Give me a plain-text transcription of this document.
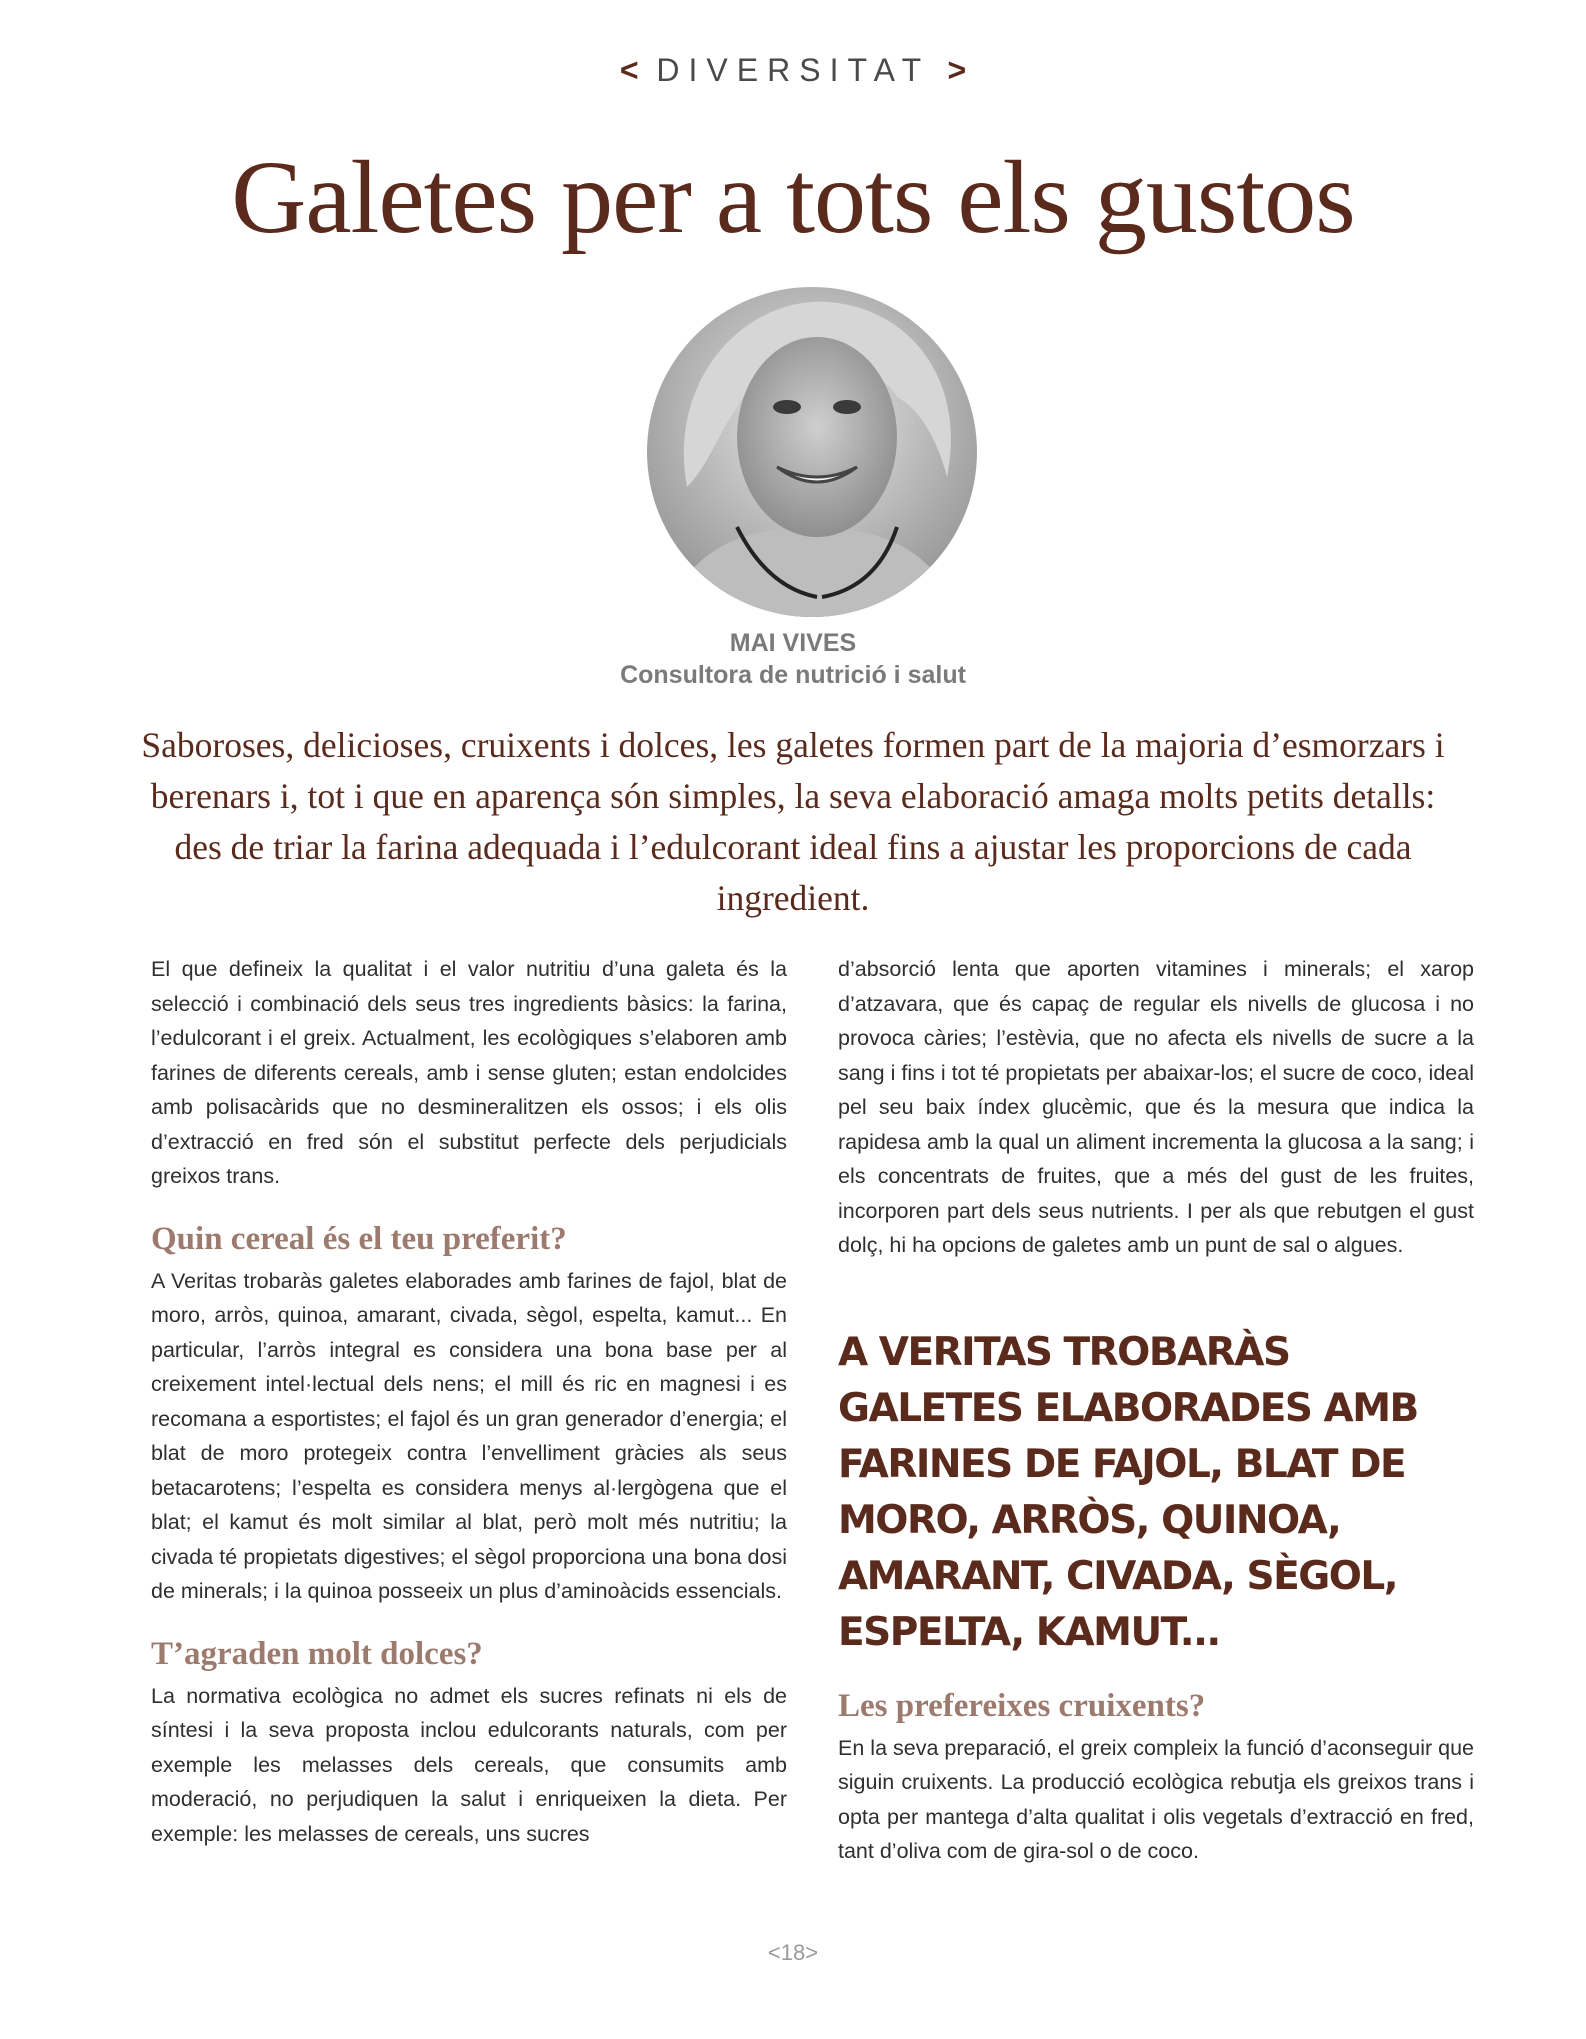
< DIVERSITAT >
Galetes per a tots els gustos
MAI VIVES
Consultora de nutrició i salut

Saboroses, delicioses, cruixents i dolces, les galetes formen part de la majoria d’esmorzars i berenars i, tot i que en aparença són simples, la seva elaboració amaga molts petits detalls: des de triar la farina adequada i l’edulcorant ideal fins a ajustar les proporcions de cada ingredient.

El que defineix la qualitat i el valor nutritiu d’una galeta és la selecció i combinació dels seus tres ingredients bàsics: la farina, l’edulcorant i el greix. Actualment, les ecològiques s’elaboren amb farines de diferents cereals, amb i sense gluten; estan endolcides amb polisacàrids que no desmineralitzen els ossos; i els olis d’extracció en fred són el substitut perfecte dels perjudicials greixos trans.

Quin cereal és el teu preferit?

A Veritas trobaràs galetes elaborades amb farines de fajol, blat de moro, arròs, quinoa, amarant, civada, sègol, espelta, kamut... En particular, l’arròs integral es considera una bona base per al creixement intel·lectual dels nens; el mill és ric en magnesi i es recomana a esportistes; el fajol és un gran generador d’energia; el blat de moro protegeix contra l’envelliment gràcies als seus betacarotens; l’espelta es considera menys al·lergògena que el blat; el kamut és molt similar al blat, però molt més nutritiu; la civada té propietats digestives; el sègol proporciona una bona dosi de minerals; i la quinoa posseeix un plus d’aminoàcids essencials.

T’agraden molt dolces?

La normativa ecològica no admet els sucres refinats ni els de síntesi i la seva proposta inclou edulcorants naturals, com per exemple les melasses dels cereals, que consumits amb moderació, no perjudiquen la salut i enriqueixen la dieta. Per exemple: les melasses de cereals, uns sucres

d’absorció lenta que aporten vitamines i minerals; el xarop d’atzavara, que és capaç de regular els nivells de glucosa i no provoca càries; l’estèvia, que no afecta els nivells de sucre a la sang i fins i tot té propietats per abaixar-los; el sucre de coco, ideal pel seu baix índex glucèmic, que és la mesura que indica la rapidesa amb la qual un aliment incrementa la glucosa a la sang; i els concentrats de fruites, que a més del gust de les fruites, incorporen part dels seus nutrients. I per als que rebutgen el gust dolç, hi ha opcions de galetes amb un punt de sal o algues.

A VERITAS TROBARÀS GALETES ELABORADES AMB FARINES DE FAJOL, BLAT DE MORO, ARRÒS, QUINOA, AMARANT, CIVADA, SÈGOL, ESPELTA, KAMUT...
Les prefereixes cruixents?

En la seva preparació, el greix compleix la funció d’aconseguir que siguin cruixents. La producció ecològica rebutja els greixos trans i opta per mantega d’alta qualitat i olis vegetals d’extracció en fred, tant d’oliva com de gira-sol o de coco.

<18>
